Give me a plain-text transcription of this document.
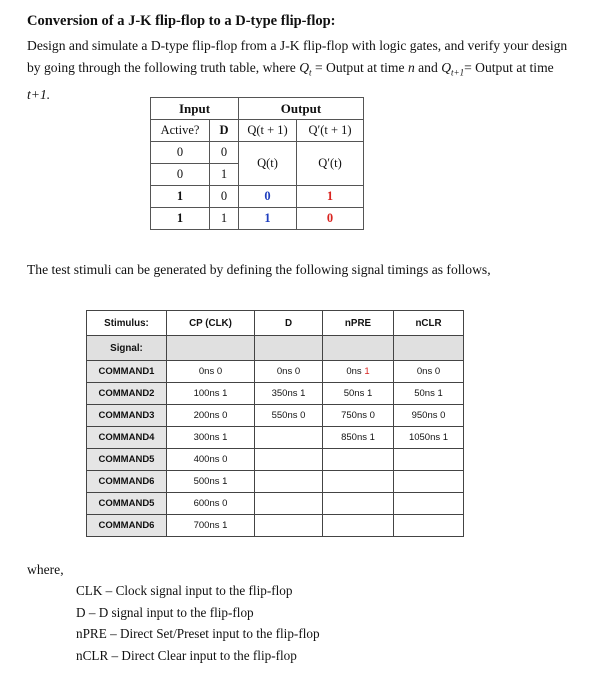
Conversion of a J-K flip-flop to a D-type flip-flop:
Design and simulate a D-type flip-flop from a J-K flip-flop with logic gates, and verify your design by going through the following truth table, where $Q_t$ = Output at time n and $Q_{t+1}=$ Output at time
t+1.
Input		Output	
Active?	D	Q(t + 1)	Q′(t + 1)
0	0	Q(t)	Q′(t)
0	1		
1	0	0	1
1	1	1	0
The test stimuli can be generated by defining the following signal timings as follows,
Stimulus:	CP (CLK)	D	nPRE	nCLR
Signal:				
COMMAND1	0ns 0	0ns 0	0ns 1	0ns 0
COMMAND2	100ns 1	350ns 1	50ns 1	50ns 1
COMMAND3	200ns 0	550ns 0	750ns 0	950ns 0
COMMAND4	300ns 1		850ns 1	1050ns 1
COMMAND5	400ns 0			
COMMAND6	500ns 1			
COMMAND5	600ns 0			
COMMAND6	700ns 1			
where,
CLK – Clock signal input to the flip-flop
D – D signal input to the flip-flop
nPRE – Direct Set/Preset input to the flip-flop
nCLR – Direct Clear input to the flip-flop
